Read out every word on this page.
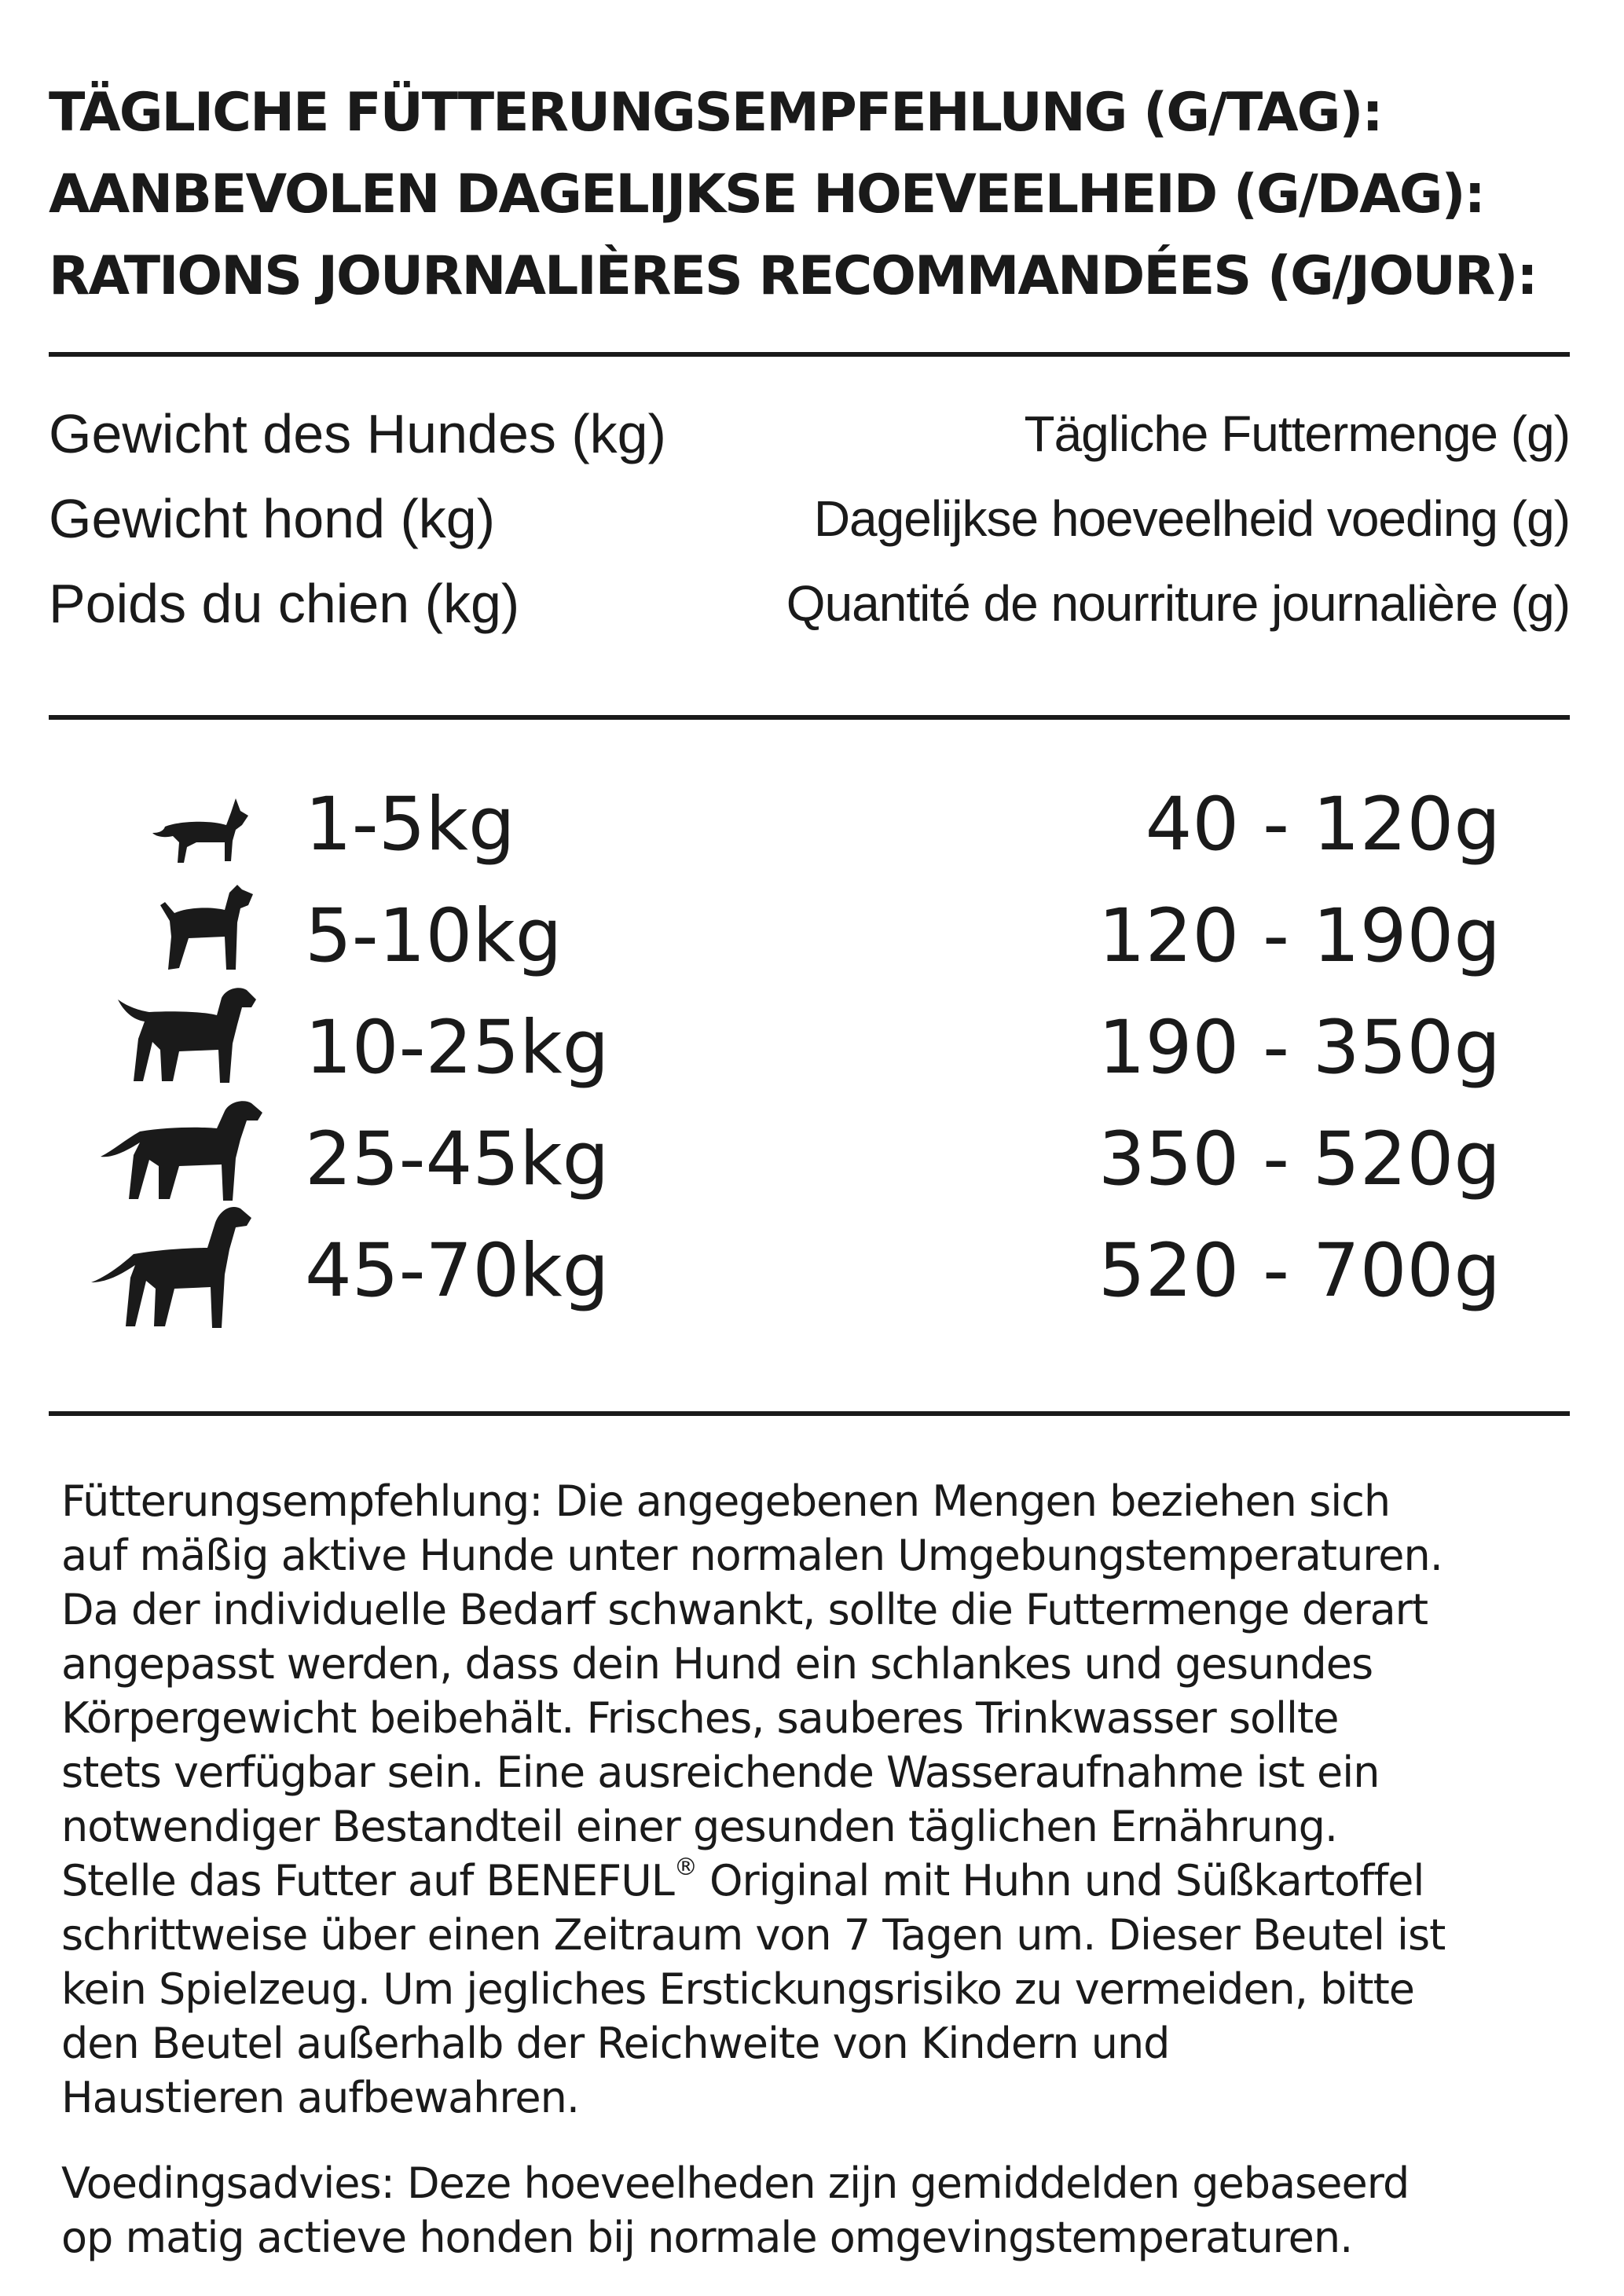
TÄGLICHE FÜTTERUNGSEMPFEHLUNG (G/TAG):
AANBEVOLEN DAGELIJKSE HOEVEELHEID (G/DAG):
RATIONS JOURNALIÈRES RECOMMANDÉES (G/JOUR):
Gewicht des Hundes (kg)	Tägliche Futtermenge (g)
Gewicht hond (kg)	Dagelijkse hoeveelheid voeding (g)
Poids du chien (kg)	Quantité de nourriture journalière (g)
1-5kg	40 - 120g
5-10kg	120 - 190g
10-25kg	190 - 350g
25-45kg	350 - 520g
45-70kg	520 - 700g
Fütterungsempfehlung: Die angegebenen Mengen beziehen sich
auf mäßig aktive Hunde unter normalen Umgebungstemperaturen.
Da der individuelle Bedarf schwankt, sollte die Futtermenge derart
angepasst werden, dass dein Hund ein schlankes und gesundes
Körpergewicht beibehält. Frisches, sauberes Trinkwasser sollte
stets verfügbar sein. Eine ausreichende Wasseraufnahme ist ein
notwendiger Bestandteil einer gesunden täglichen Ernährung.
Stelle das Futter auf BENEFUL® Original mit Huhn und Süßkartoffel
schrittweise über einen Zeitraum von 7 Tagen um. Dieser Beutel ist
kein Spielzeug. Um jegliches Erstickungsrisiko zu vermeiden, bitte
den Beutel außerhalb der Reichweite von Kindern und
Haustieren aufbewahren.
Voedingsadvies: Deze hoeveelheden zijn gemiddelden gebaseerd
op matig actieve honden bij normale omgevingstemperaturen.
